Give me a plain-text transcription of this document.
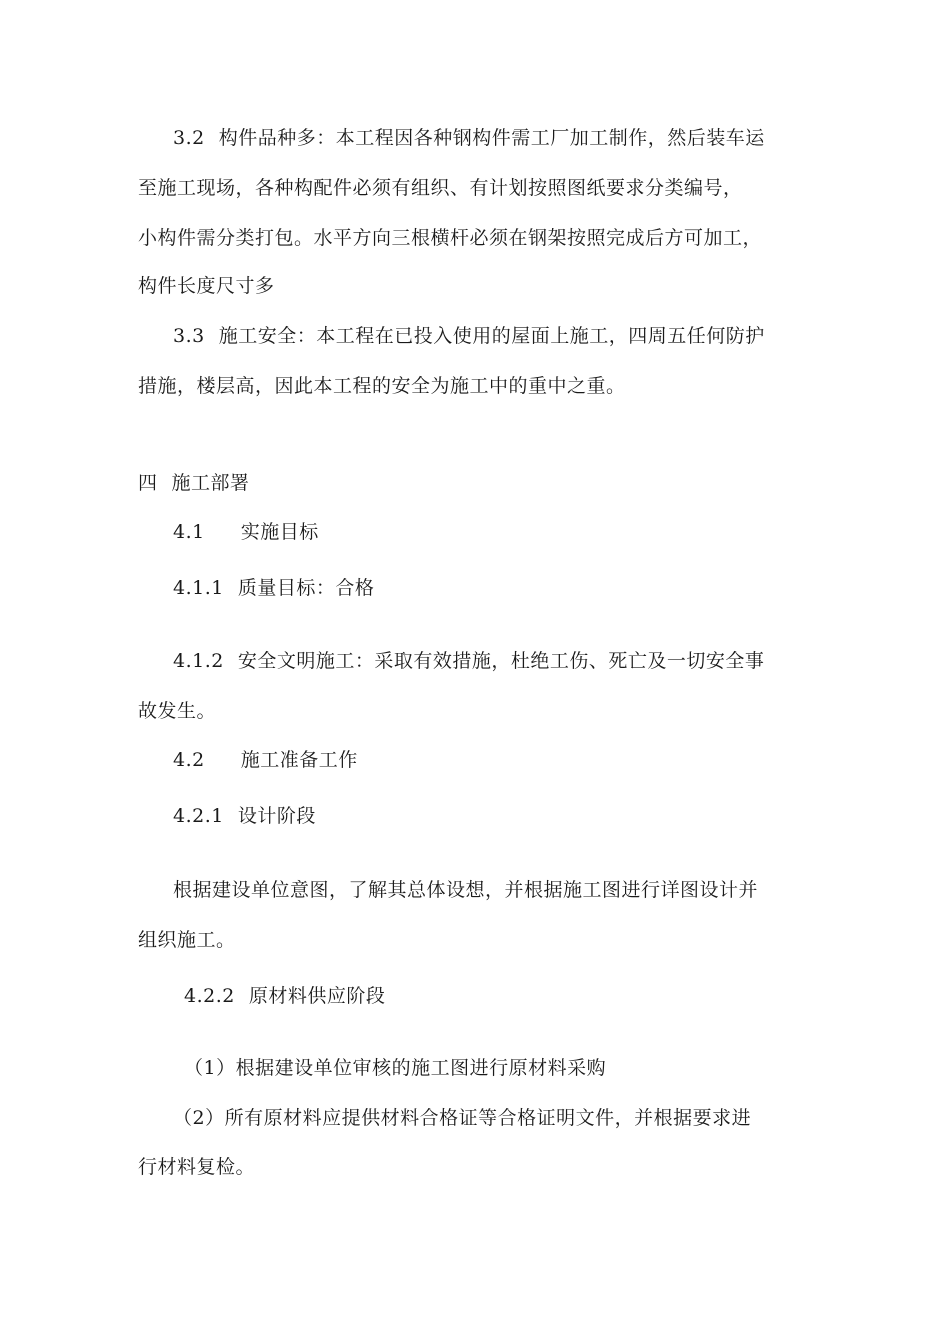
3.2 构件品种多：本工程因各种钢构件需工厂加工制作，然后装车运
至施工现场，各种构配件必须有组织、有计划按照图纸要求分类编号，
小构件需分类打包。水平方向三根横杆必须在钢架按照完成后方可加工，
构件长度尺寸多
3.3 施工安全：本工程在已投入使用的屋面上施工，四周五任何防护
措施，楼层高，因此本工程的安全为施工中的重中之重。
四 施工部署
4.1 实施目标
4.1.1 质量目标：合格
4.1.2 安全文明施工：采取有效措施，杜绝工伤、死亡及一切安全事
故发生。
4.2 施工准备工作
4.2.1 设计阶段
根据建设单位意图，了解其总体设想，并根据施工图进行详图设计并
组织施工。
4.2.2 原材料供应阶段
（1）根据建设单位审核的施工图进行原材料采购
（2）所有原材料应提供材料合格证等合格证明文件，并根据要求进
行材料复检。
